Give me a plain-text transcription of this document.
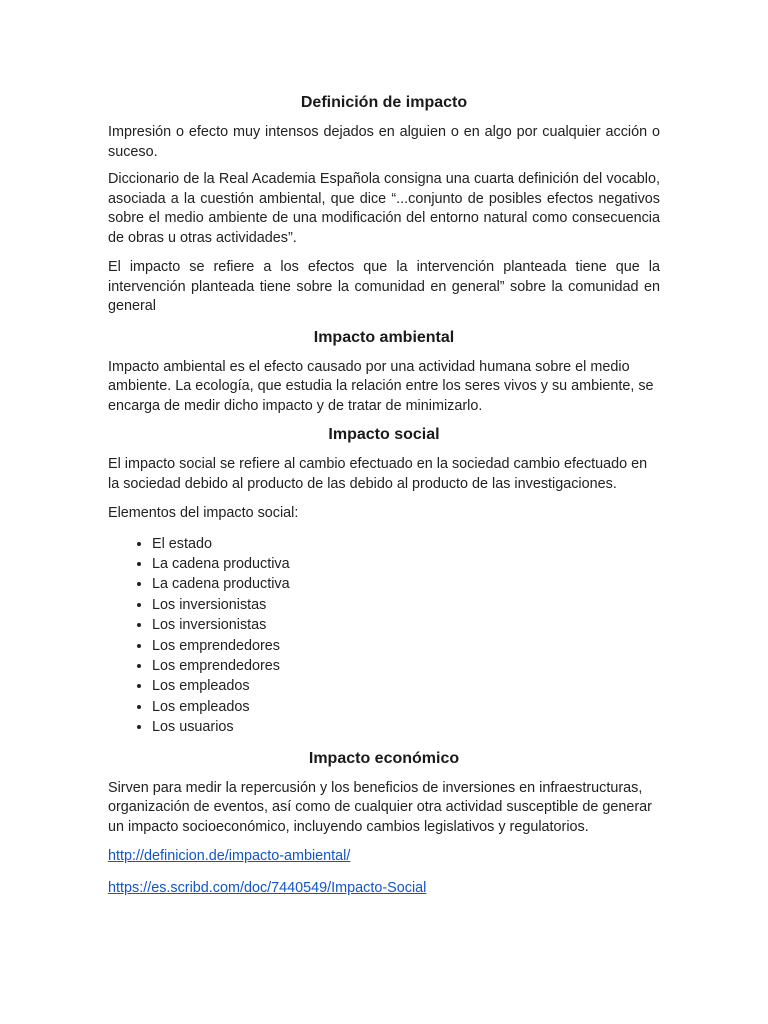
Definición de impacto

Impresión o efecto muy intensos dejados en alguien o en algo por cualquier acción o suceso.

Diccionario de la Real Academia Española consigna una cuarta definición del vocablo, asociada a la cuestión ambiental, que dice “...conjunto de posibles efectos negativos sobre el medio ambiente de una modificación del entorno natural como consecuencia de obras u otras actividades”.

El impacto se refiere a los efectos que la intervención planteada tiene que la intervención planteada tiene sobre la comunidad en general” sobre la comunidad en general

Impacto ambiental

Impacto ambiental es el efecto causado por una actividad humana sobre el medio ambiente. La ecología, que estudia la relación entre los seres vivos y su ambiente, se encarga de medir dicho impacto y de tratar de minimizarlo.

Impacto social

El impacto social se refiere al cambio efectuado en la sociedad cambio efectuado en la sociedad debido al producto de las debido al producto de las investigaciones.

Elementos del impacto social:

• El estado
• La cadena productiva
• La cadena productiva
• Los inversionistas
• Los inversionistas
• Los emprendedores
• Los emprendedores
• Los empleados
• Los empleados
• Los usuarios
Impacto económico

Sirven para medir la repercusión y los beneficios de inversiones en infraestructuras, organización de eventos, así como de cualquier otra actividad susceptible de generar un impacto socioeconómico, incluyendo cambios legislativos y regulatorios.

http://definicion.de/impacto-ambiental/
https://es.scribd.com/doc/7440549/Impacto-Social
